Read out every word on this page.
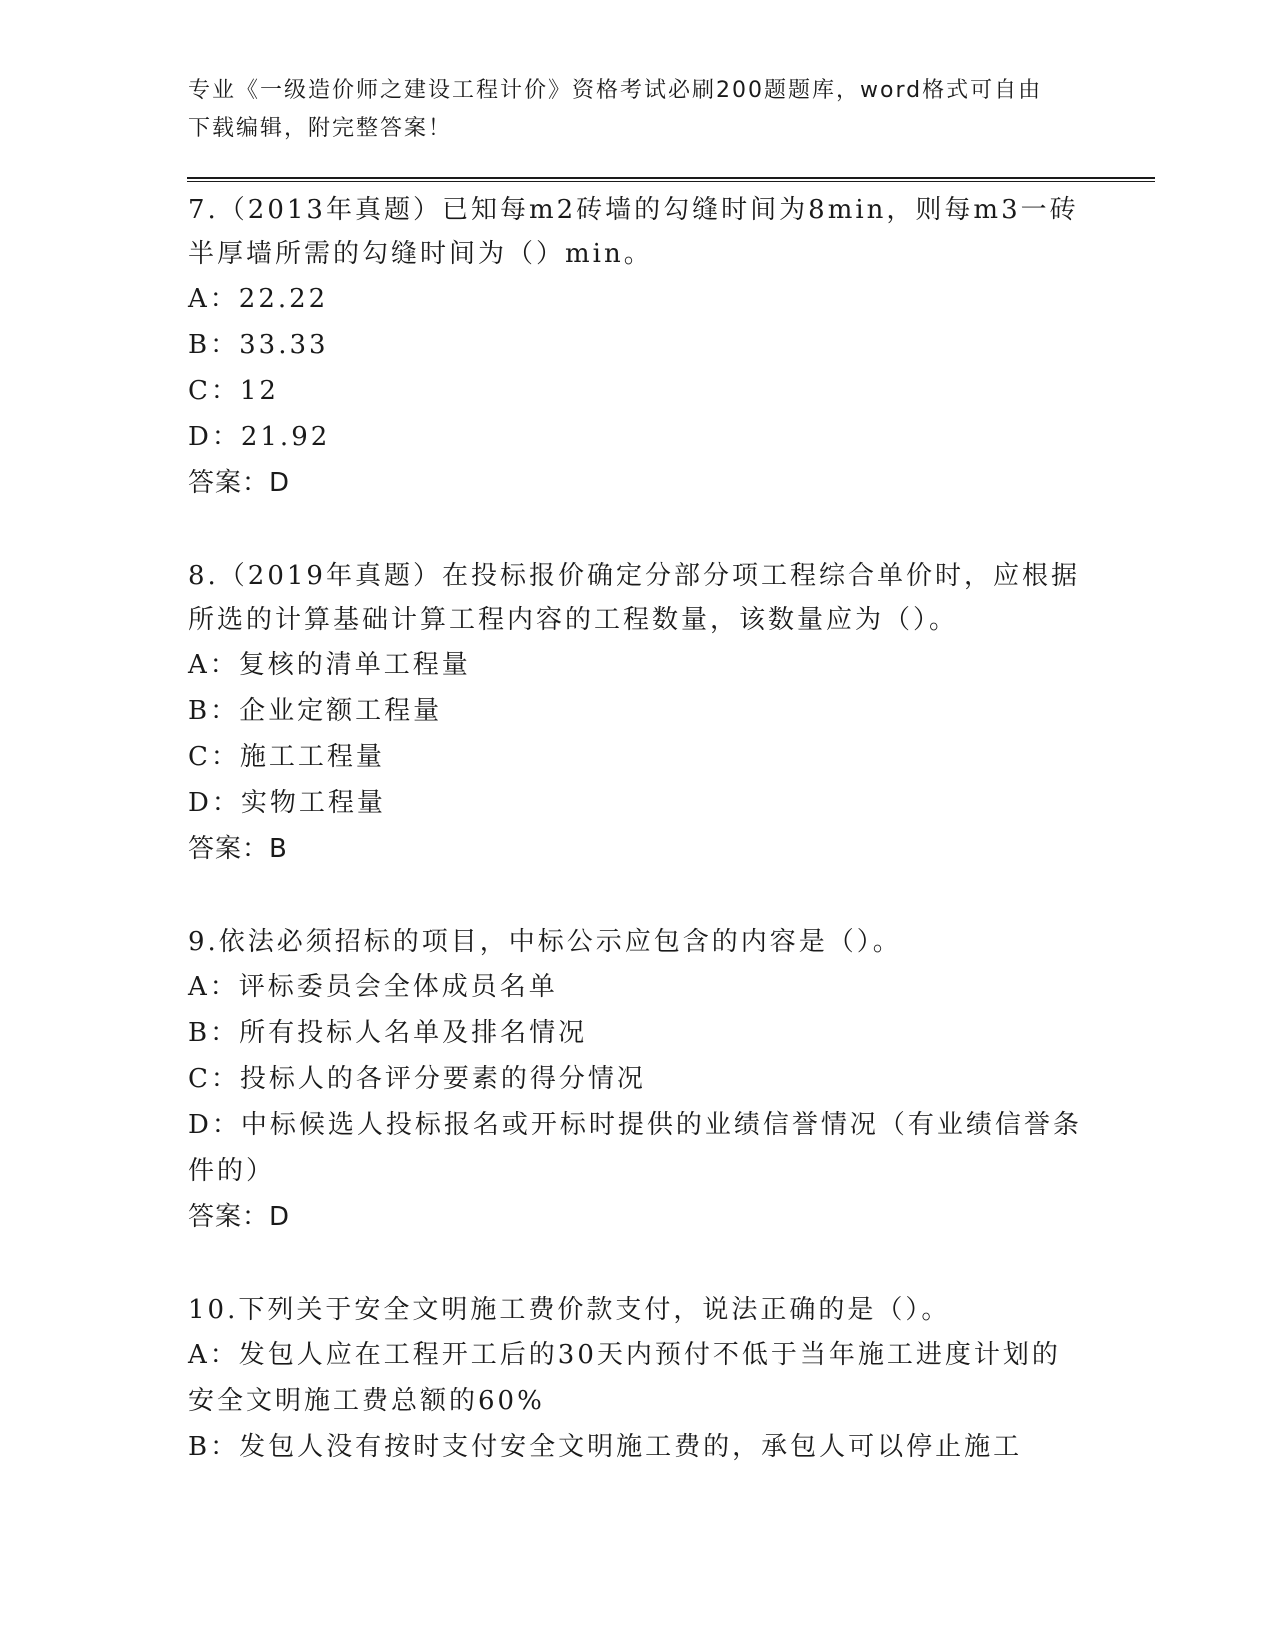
专业《一级造价师之建设工程计价》资格考试必刷200题题库，word格式可自由
下载编辑，附完整答案！

7.（2013年真题）已知每m2砖墙的勾缝时间为8min，则每m3一砖半厚墙所需的勾缝时间为（）min。

A：22.22

B：33.33

C：12

D：21.92

答案：D

8.（2019年真题）在投标报价确定分部分项工程综合单价时，应根据所选的计算基础计算工程内容的工程数量，该数量应为（）。

A：复核的清单工程量

B：企业定额工程量

C：施工工程量

D：实物工程量

答案：B

9.依法必须招标的项目，中标公示应包含的内容是（）。

A：评标委员会全体成员名单

B：所有投标人名单及排名情况

C：投标人的各评分要素的得分情况

D：中标候选人投标报名或开标时提供的业绩信誉情况（有业绩信誉条件的）

答案：D

10.下列关于安全文明施工费价款支付，说法正确的是（）。

A：发包人应在工程开工后的30天内预付不低于当年施工进度计划的安全文明施工费总额的60%

B：发包人没有按时支付安全文明施工费的，承包人可以停止施工
